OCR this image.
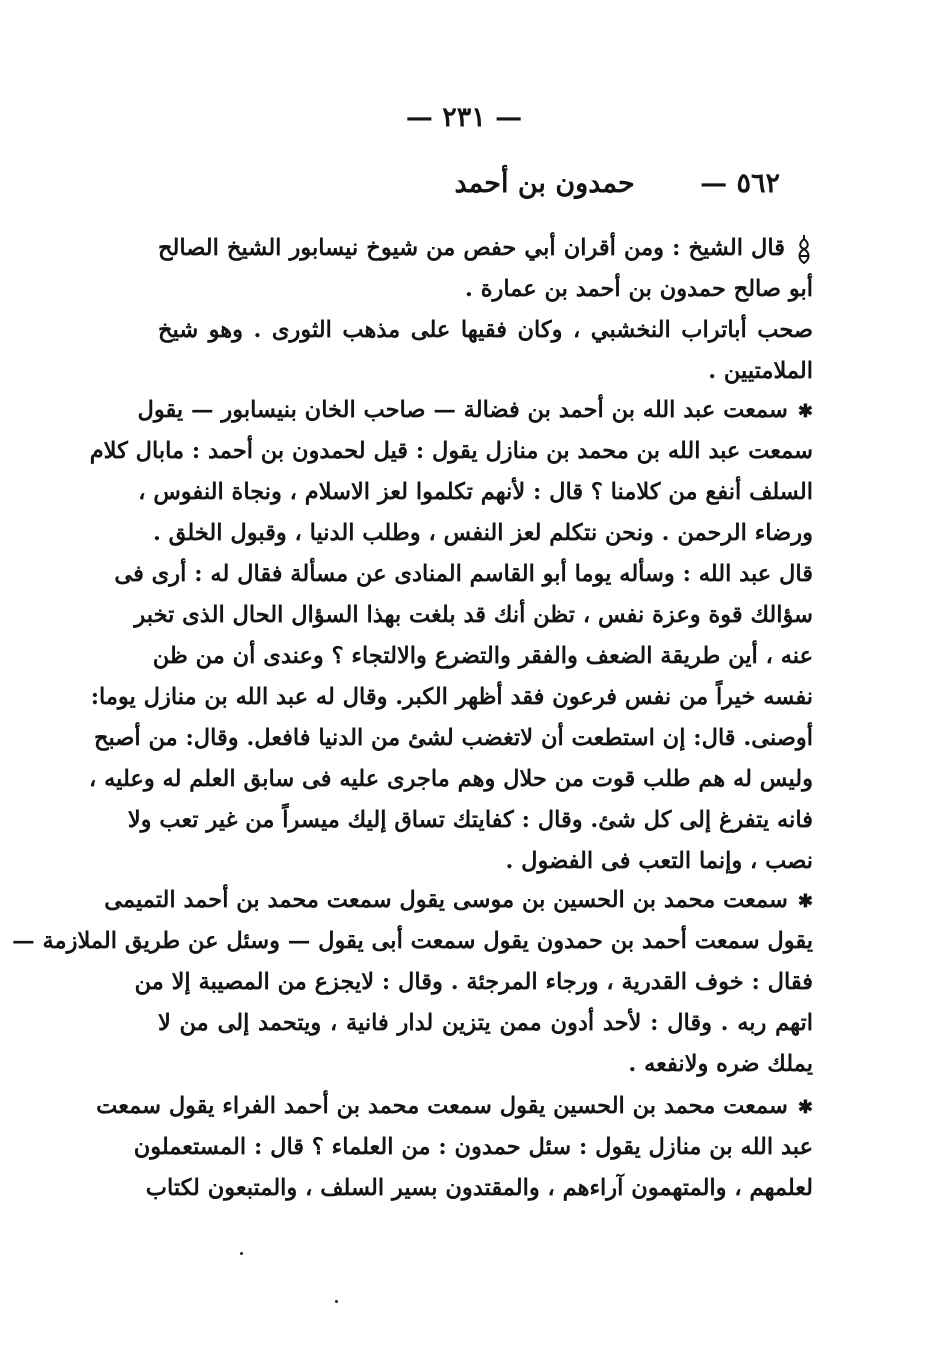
— ٢٣١ —
٥٦٢ — حمدون بن أحمد
قال الشيخ : ومن أقران أبي حفص من شيوخ نيسابور الشيخ الصالح
أبو صالح حمدون بن أحمد بن عمارة .
صحب أباتراب النخشبي ، وكان فقيها على مذهب الثورى . وهو شيخ
الملامتيين .
✱سمعت عبد الله بن أحمد بن فضالة — صاحب الخان بنيسابور — يقول
سمعت عبد الله بن محمد بن منازل يقول : قيل لحمدون بن أحمد : مابال كلام
السلف أنفع من كلامنا ؟ قال : لأنهم تكلموا لعز الاسلام ، ونجاة النفوس ،
ورضاء الرحمن . ونحن نتكلم لعز النفس ، وطلب الدنيا ، وقبول الخلق .
قال عبد الله : وسأله يوما أبو القاسم المنادى عن مسألة فقال له : أرى فى
سؤالك قوة وعزة نفس ، تظن أنك قد بلغت بهذا السؤال الحال الذى تخبر
عنه ، أين طريقة الضعف والفقر والتضرع والالتجاء ؟ وعندى أن من ظن
نفسه خيراً من نفس فرعون فقد أظهر الكبر. وقال له عبد الله بن منازل يوما:
أوصنى. قال: إن استطعت أن لاتغضب لشئ من الدنيا فافعل. وقال: من أصبح
وليس له هم طلب قوت من حلال وهم ماجرى عليه فى سابق العلم له وعليه ،
فانه يتفرغ إلى كل شئ. وقال : كفايتك تساق إليك ميسراً من غير تعب ولا
نصب ، وإنما التعب فى الفضول .
✱سمعت محمد بن الحسين بن موسى يقول سمعت محمد بن أحمد التميمى
يقول سمعت أحمد بن حمدون يقول سمعت أبى يقول — وسئل عن طريق الملازمة —
فقال : خوف القدرية ، ورجاء المرجئة . وقال : لايجزع من المصيبة إلا من
اتهم ربه . وقال : لأحد أدون ممن يتزين لدار فانية ، ويتحمد إلى من لا
يملك ضره ولانفعه .
✱سمعت محمد بن الحسين يقول سمعت محمد بن أحمد الفراء يقول سمعت
عبد الله بن منازل يقول : سئل حمدون : من العلماء ؟ قال : المستعملون
لعلمهم ، والمتهمون آراءهم ، والمقتدون بسير السلف ، والمتبعون لكتاب
